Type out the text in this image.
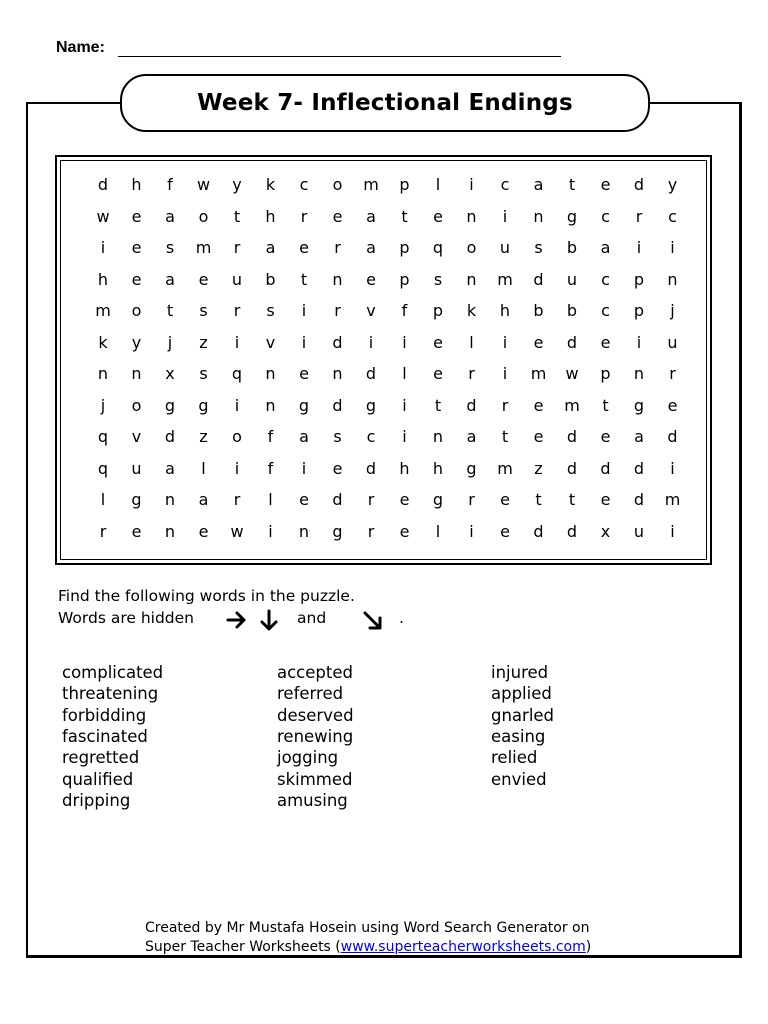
Name:
Week 7- Inflectional Endings
d	h	f	w	y	k	c	o	m	p	l	i	c	a	t	e	d	y
w	e	a	o	t	h	r	e	a	t	e	n	i	n	g	c	r	c
i	e	s	m	r	a	e	r	a	p	q	o	u	s	b	a	i	i
h	e	a	e	u	b	t	n	e	p	s	n	m	d	u	c	p	n
m	o	t	s	r	s	i	r	v	f	p	k	h	b	b	c	p	j
k	y	j	z	i	v	i	d	i	i	e	l	i	e	d	e	i	u
n	n	x	s	q	n	e	n	d	l	e	r	i	m	w	p	n	r
j	o	g	g	i	n	g	d	g	i	t	d	r	e	m	t	g	e
q	v	d	z	o	f	a	s	c	i	n	a	t	e	d	e	a	d
q	u	a	l	i	f	i	e	d	h	h	g	m	z	d	d	d	i
l	g	n	a	r	l	e	d	r	e	g	r	e	t	t	e	d	m
r	e	n	e	w	i	n	g	r	e	l	i	e	d	d	x	u	i
Find the following words in the puzzle.
Words are hidden	and	.
complicated
threatening
forbidding
fascinated
regretted
qualified
dripping
accepted
referred
deserved
renewing
jogging
skimmed
amusing
injured
applied
gnarled
easing
relied
envied
Created by Mr Mustafa Hosein using Word Search Generator on
Super Teacher Worksheets (www.superteacherworksheets.com)
